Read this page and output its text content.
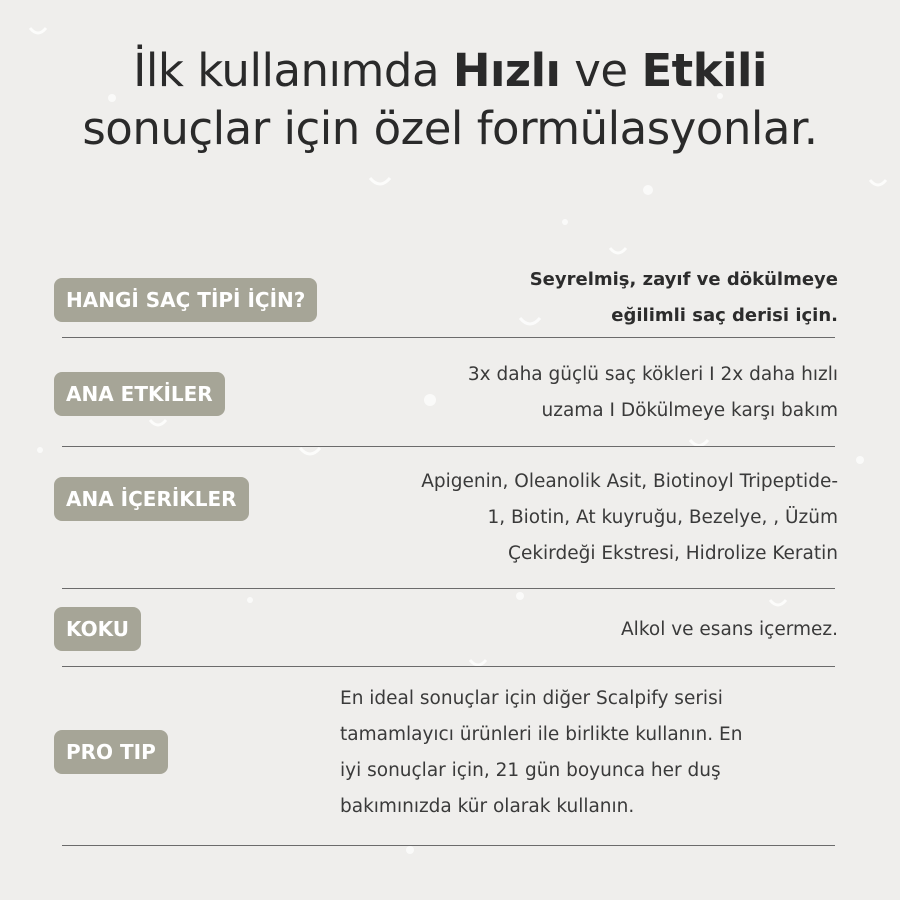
İlk kullanımda Hızlı ve Etkili
sonuçlar için özel formülasyonlar.
HANGİ SAÇ TİPİ İÇİN?
Seyrelmiş, zayıf ve dökülmeye
eğilimli saç derisi için.
ANA ETKİLER
3x daha güçlü saç kökleri I 2x daha hızlı
uzama I Dökülmeye karşı bakım
ANA İÇERİKLER
Apigenin, Oleanolik Asit, Biotinoyl Tripeptide-
1, Biotin, At kuyruğu, Bezelye, , Üzüm
Çekirdeği Ekstresi, Hidrolize Keratin
KOKU	Alkol ve esans içermez.
PRO TIP
En ideal sonuçlar için diğer Scalpify serisi
tamamlayıcı ürünleri ile birlikte kullanın. En
iyi sonuçlar için, 21 gün boyunca her duş
bakımınızda kür olarak kullanın.
